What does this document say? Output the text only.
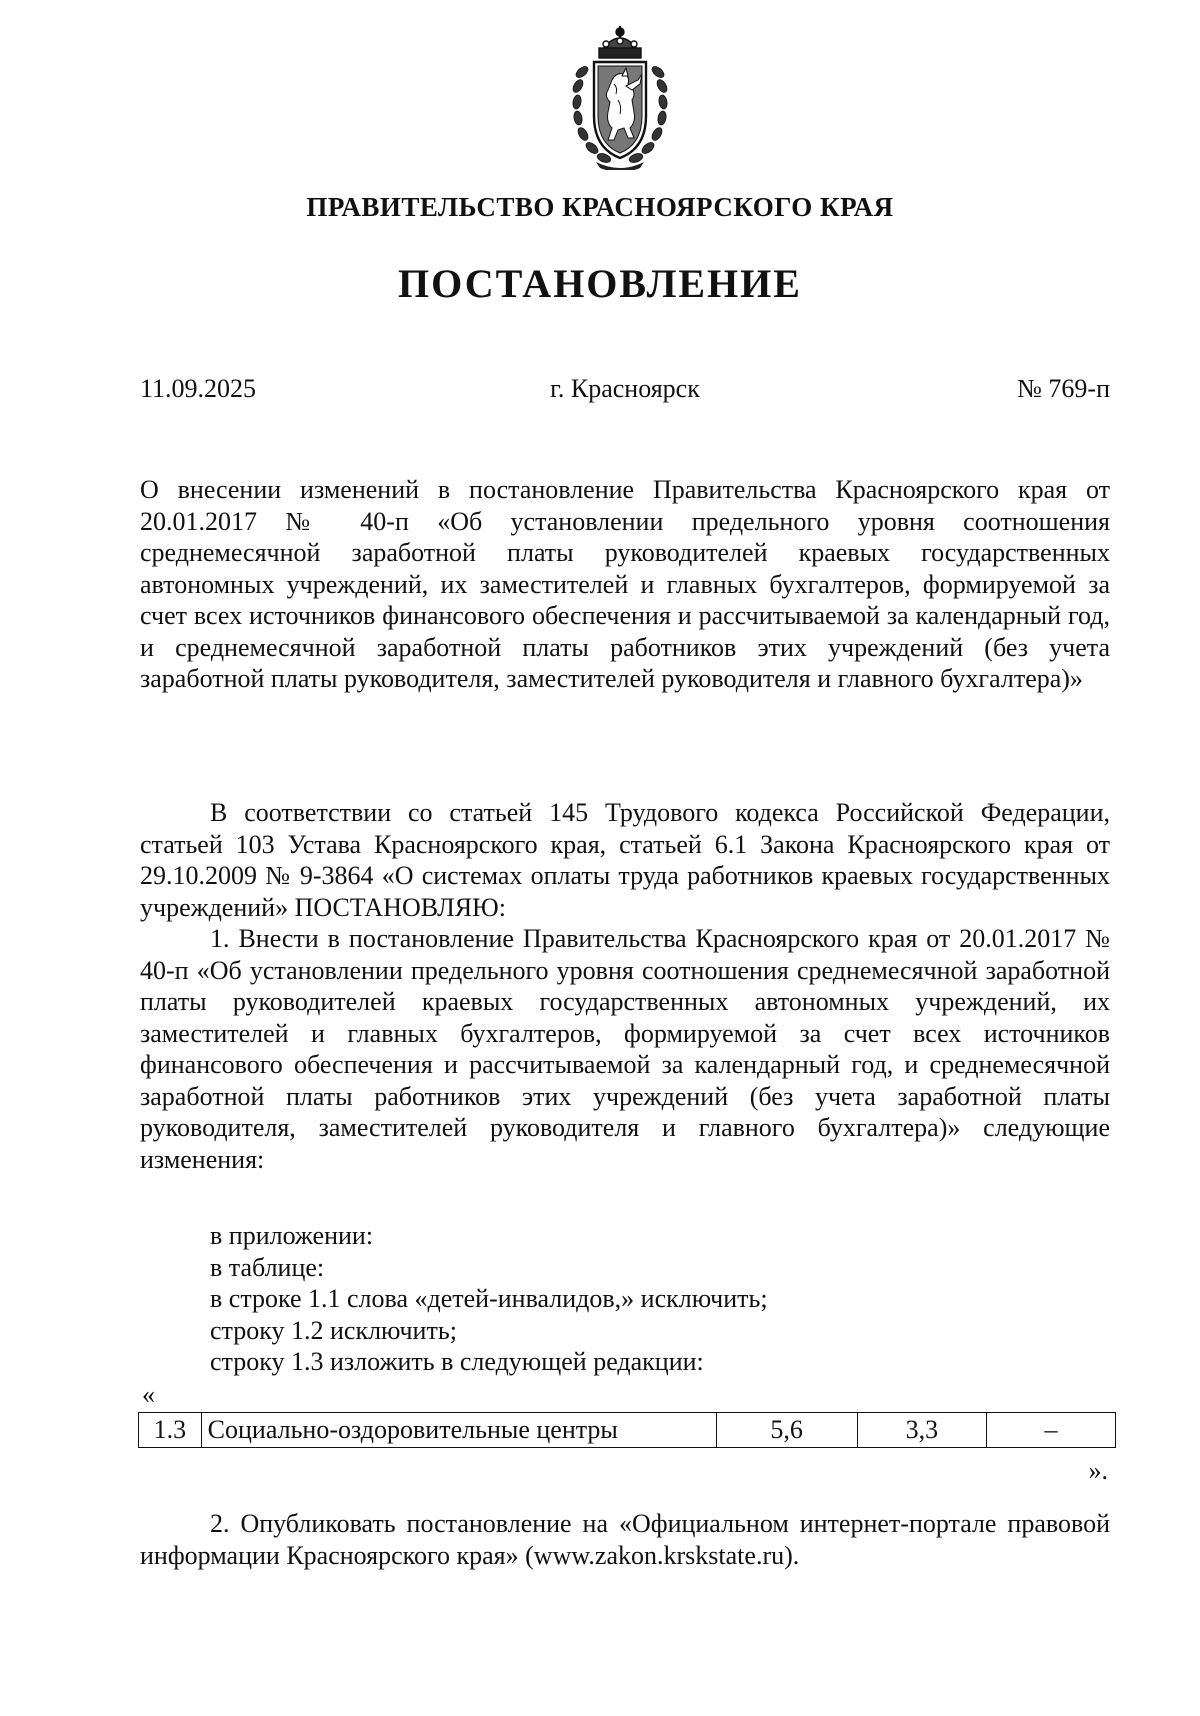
ПРАВИТЕЛЬСТВО КРАСНОЯРСКОГО КРАЯ
ПОСТАНОВЛЕНИЕ
11.09.2025	г. Красноярск	№ 769-п
О внесении изменений в постановление Правительства Красноярского края от 20.01.2017 № 40-п «Об установлении предельного уровня соотношения среднемесячной заработной платы руководителей краевых государственных автономных учреждений, их заместителей и главных бухгалтеров, формируемой за счет всех источников финансового обеспечения и рассчитываемой за календарный год, и среднемесячной заработной платы работников этих учреждений (без учета заработной платы руководителя, заместителей руководителя и главного бухгалтера)»
В соответствии со статьей 145 Трудового кодекса Российской Федерации, статьей 103 Устава Красноярского края, статьей 6.1 Закона Красноярского края от 29.10.2009 № 9-3864 «О системах оплаты труда работников краевых государственных учреждений» ПОСТАНОВЛЯЮ:
1. Внести в постановление Правительства Красноярского края от 20.01.2017 № 40-п «Об установлении предельного уровня соотношения среднемесячной заработной платы руководителей краевых государственных автономных учреждений, их заместителей и главных бухгалтеров, формируемой за счет всех источников финансового обеспечения и рассчитываемой за календарный год, и среднемесячной заработной платы работников этих учреждений (без учета заработной платы руководителя, заместителей руководителя и главного бухгалтера)» следующие изменения:
в приложении:
в таблице:
в строке 1.1 слова «детей-инвалидов,» исключить;
строку 1.2 исключить;
строку 1.3 изложить в следующей редакции:
«
1.3	Социально-оздоровительные центры	5,6	3,3	–
».
2. Опубликовать постановление на «Официальном интернет-портале правовой информации Красноярского края» (www.zakon.krskstate.ru).
